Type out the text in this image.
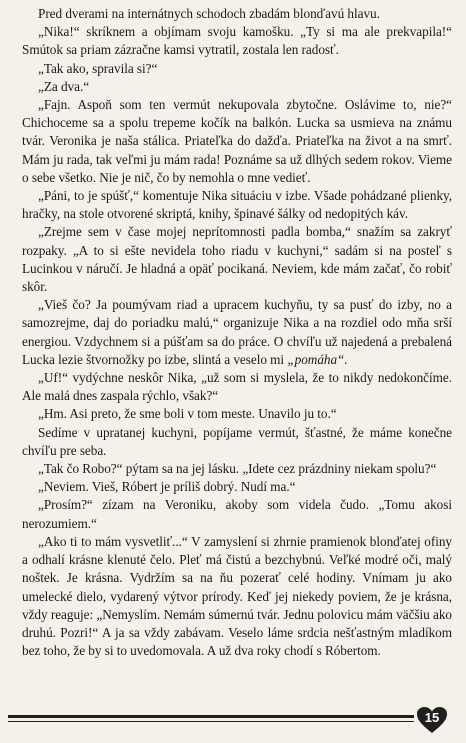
Pred dverami na internátnych schodoch zbadám blonďavú hlavu.

„Nika!“ skríknem a objímam svoju kamošku. „Ty si ma ale prekvapila!“ Smútok sa priam zázračne kamsi vytratil, zostala len radosť.

„Tak ako, spravila si?“

„Za dva.“

„Fajn. Aspoň som ten vermút nekupovala zbytočne. Oslávime to, nie?“ Chichoceme sa a spolu trepeme kočík na balkón. Lucka sa usmieva na známu tvár. Veronika je naša stálica. Priateľka do dažďa. Priateľka na život a na smrť. Mám ju rada, tak veľmi ju mám rada! Poznáme sa už dlhých sedem rokov. Vieme o sebe všetko. Nie je nič, čo by nemohla o mne vedieť.

„Páni, to je spúšť,“ komentuje Nika situáciu v izbe. Všade pohádzané plienky, hračky, na stole otvorené skriptá, knihy, špinavé šálky od nedopitých káv.

„Zrejme sem v čase mojej neprítomnosti padla bomba,“ snažím sa zakryť rozpaky. „A to si ešte nevidela toho riadu v kuchyni,“ sadám si na posteľ s Lucinkou v náručí. Je hladná a opäť pocikaná. Neviem, kde mám začať, čo robiť skôr.

„Vieš čo? Ja poumývam riad a upracem kuchyňu, ty sa pusť do izby, no a samozrejme, daj do poriadku malú,“ organizuje Nika a na rozdiel odo mňa srší energiou. Vzdychnem si a púšťam sa do práce. O chvíľu už najedená a prebalená Lucka lezie štvornožky po izbe, slintá a veselo mi „pomáha“.

„Uf!“ vydýchne neskôr Nika, „už som si myslela, že to nikdy nedokončíme. Ale malá dnes zaspala rýchlo, však?“

„Hm. Asi preto, že sme boli v tom meste. Unavilo ju to.“

Sedíme v upratanej kuchyni, popíjame vermút, šťastné, že máme konečne chvíľu pre seba.

„Tak čo Robo?“ pýtam sa na jej lásku. „Idete cez prázdniny niekam spolu?“

„Neviem. Vieš, Róbert je príliš dobrý. Nudí ma.“

„Prosím?“ zízam na Veroniku, akoby som videla čudo. „Tomu akosi nerozumiem.“

„Ako ti to mám vysvetliť...“ V zamyslení si zhrnie pramienok blonďatej ofiny a odhalí krásne klenuté čelo. Pleť má čistú a bezchybnú. Veľké modré oči, malý noštek. Je krásna. Vydržím sa na ňu pozerať celé hodiny. Vnímam ju ako umelecké dielo, vydarený výtvor prírody. Keď jej niekedy poviem, že je krásna, vždy reaguje: „Nemyslím. Nemám súmernú tvár. Jednu polovicu mám väčšiu ako druhú. Pozri!“ A ja sa vždy zabávam. Veselo láme srdcia nešťastným mladíkom bez toho, že by si to uvedomovala. A už dva roky chodí s Róbertom.

15
